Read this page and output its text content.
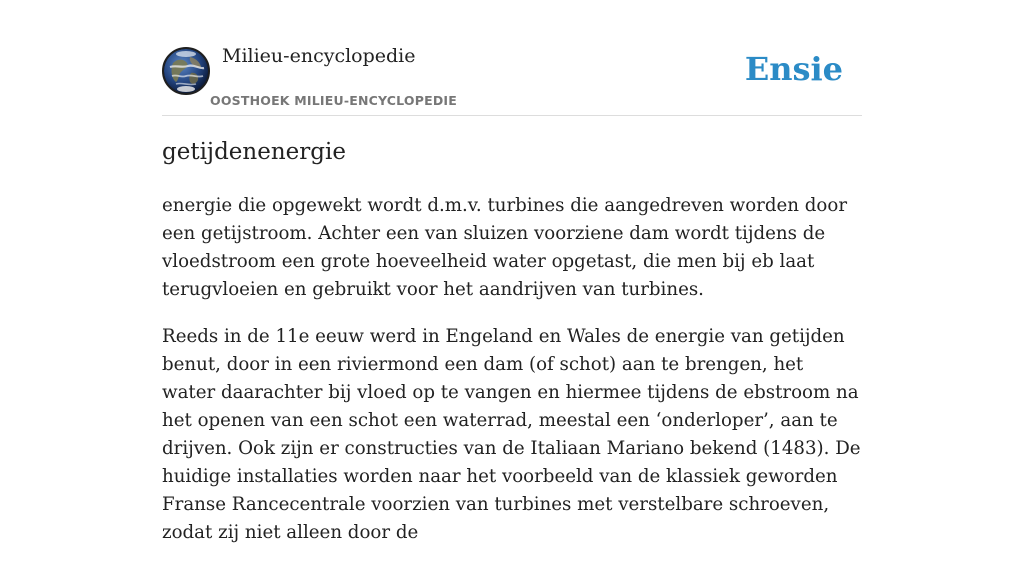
Milieu-encyclopedie
OOSTHOEK MILIEU-ENCYCLOPEDIE
Ensie
getijdenenergie

energie die opgewekt wordt d.m.v. turbines die aangedreven worden door een getijstroom. Achter een van sluizen voorziene dam wordt tijdens de vloedstroom een grote hoeveelheid water opgetast, die men bij eb laat terugvloeien en gebruikt voor het aandrijven van turbines.

Reeds in de 11e eeuw werd in Engeland en Wales de energie van getijden benut, door in een riviermond een dam (of schot) aan te brengen, het water daarachter bij vloed op te vangen en hiermee tijdens de ebstroom na het openen van een schot een waterrad, meestal een ‘onderloper’, aan te drijven. Ook zijn er constructies van de Italiaan Mariano bekend (1483). De huidige installaties worden naar het voorbeeld van de klassiek geworden Franse Rancecentrale voorzien van turbines met verstelbare schroeven, zodat zij niet alleen door de
